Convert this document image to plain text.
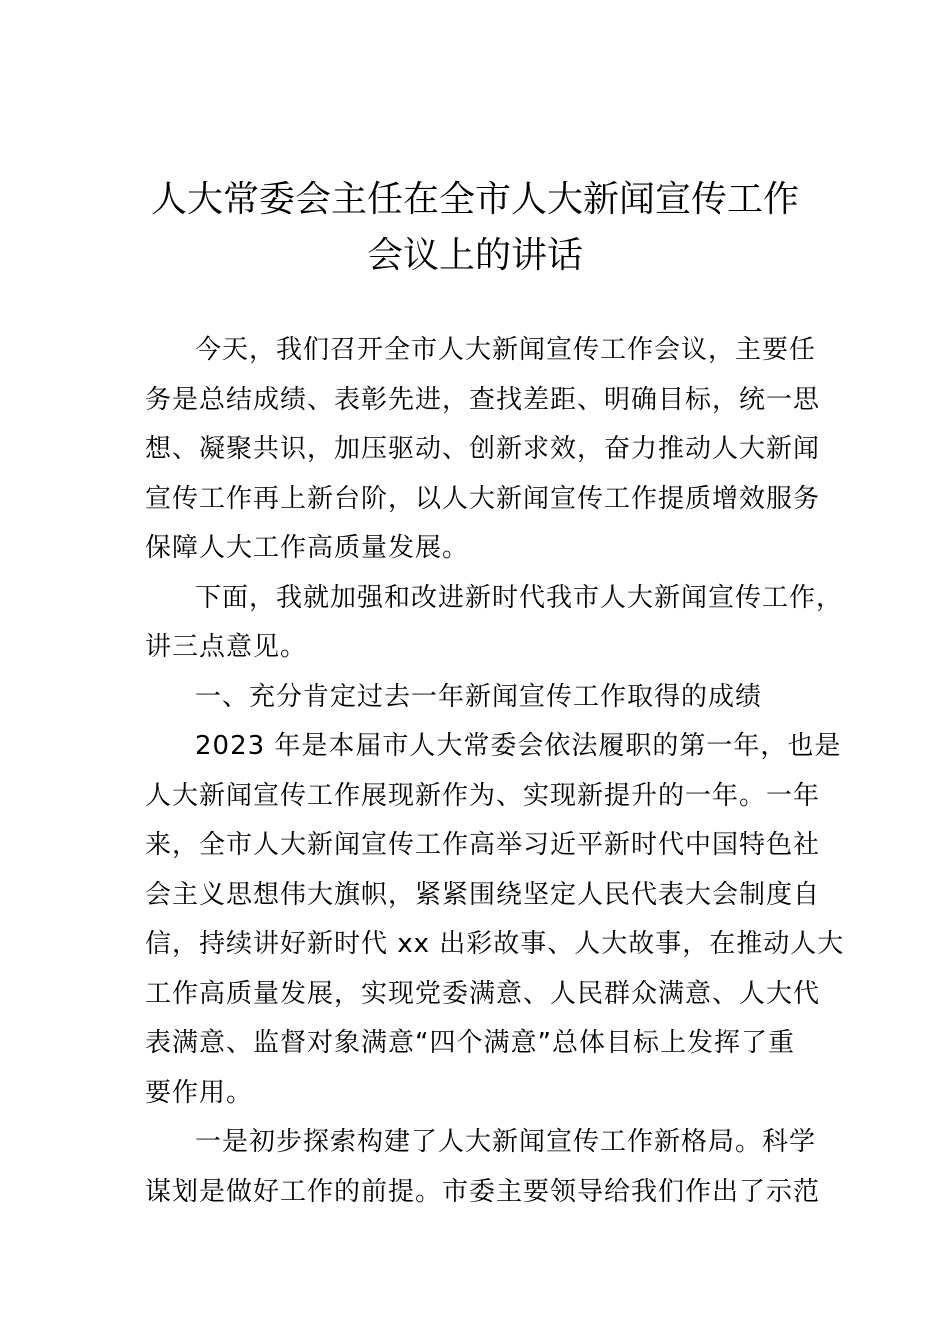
人大常委会主任在全市人大新闻宣传工作
会议上的讲话
今天，我们召开全市人大新闻宣传工作会议，主要任
务是总结成绩、表彰先进，查找差距、明确目标，统一思
想、凝聚共识，加压驱动、创新求效，奋力推动人大新闻
宣传工作再上新台阶，以人大新闻宣传工作提质增效服务
保障人大工作高质量发展。
下面，我就加强和改进新时代我市人大新闻宣传工作，
讲三点意见。
一、充分肯定过去一年新闻宣传工作取得的成绩
2023 年是本届市人大常委会依法履职的第一年，也是
人大新闻宣传工作展现新作为、实现新提升的一年。一年
来，全市人大新闻宣传工作高举习近平新时代中国特色社
会主义思想伟大旗帜，紧紧围绕坚定人民代表大会制度自
信，持续讲好新时代 xx 出彩故事、人大故事，在推动人大
工作高质量发展，实现党委满意、人民群众满意、人大代
表满意、监督对象满意“四个满意”总体目标上发挥了重
要作用。
一是初步探索构建了人大新闻宣传工作新格局。科学
谋划是做好工作的前提。市委主要领导给我们作出了示范
